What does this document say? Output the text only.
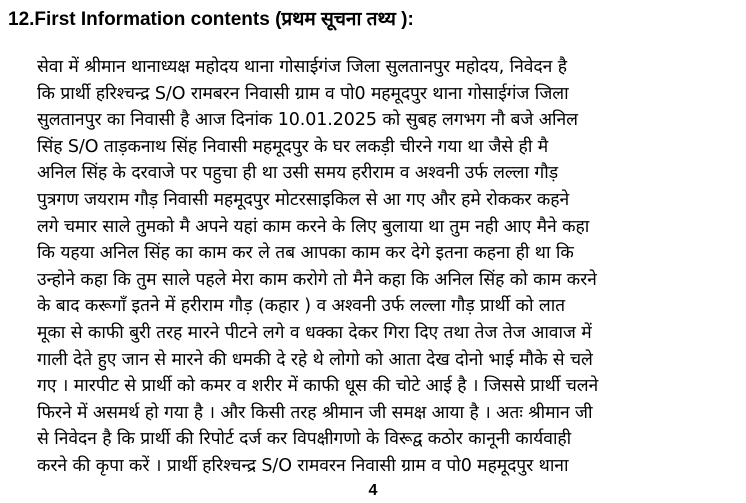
12.First Information contents (प्रथम सूचना तथ्य ):
सेवा में श्रीमान थानाध्यक्ष महोदय थाना गोसाईगंज जिला सुलतानपुर महोदय, निवेदन है
कि प्रार्थी हरिश्चन्द्र S/O रामबरन निवासी ग्राम व पो0 महमूदपुर थाना गोसाईगंज जिला
सुलतानपुर का निवासी है आज दिनांक 10.01.2025 को सुबह लगभग नौ बजे अनिल
सिंह S/O ताड़कनाथ सिंह निवासी महमूदपुर के घर लकड़ी चीरने गया था जैसे ही मै
अनिल सिंह के दरवाजे पर पहुचा ही था उसी समय हरीराम व अश्वनी उर्फ लल्ला गौड़
पुत्रगण जयराम गौड़ निवासी महमूदपुर मोटरसाइकिल से आ गए और हमे रोककर कहने
लगे चमार साले तुमको मै अपने यहां काम करने के लिए बुलाया था तुम नही आए मैने कहा
कि यहया अनिल सिंह का काम कर ले तब आपका काम कर देगे इतना कहना ही था कि
उन्होने कहा कि तुम साले पहले मेरा काम करोगे तो मैने कहा कि अनिल सिंह को काम करने
के बाद करूगाँ इतने में हरीराम गौड़ (कहार ) व अश्वनी उर्फ लल्ला गौड़ प्रार्थी को लात
मूका से काफी बुरी तरह मारने पीटने लगे व धक्का देकर गिरा दिए तथा तेज तेज आवाज में
गाली देते हुए जान से मारने की धमकी दे रहे थे लोगो को आता देख दोनो भाई मौके से चले
गए । मारपीट से प्रार्थी को कमर व शरीर में काफी धूस की चोटे आई है । जिससे प्रार्थी चलने
फिरने में असमर्थ हो गया है । और किसी तरह श्रीमान जी समक्ष आया है । अतः श्रीमान जी
से निवेदन है कि प्रार्थी की रिपोर्ट दर्ज कर विपक्षीगणो के विरूद्व कठोर कानूनी कार्यवाही
करने की कृपा करें । प्रार्थी हरिश्चन्द्र S/O रामवरन निवासी ग्राम व पो0 महमूदपुर थाना
4
